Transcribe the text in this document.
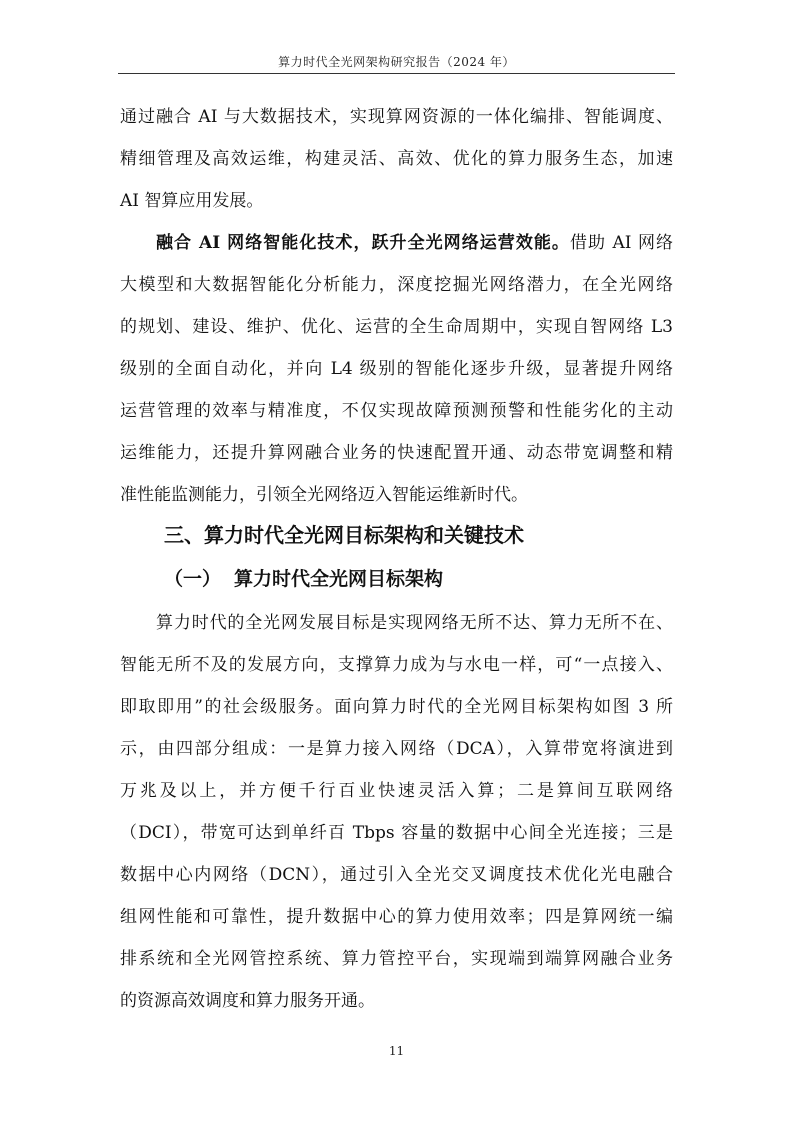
算力时代全光网架构研究报告（2024 年）
通过融合 AI 与大数据技术，实现算网资源的一体化编排、智能调度、
精细管理及高效运维，构建灵活、高效、优化的算力服务生态，加速
AI 智算应用发展。
融合 AI 网络智能化技术，跃升全光网络运营效能。借助 AI 网络
大模型和大数据智能化分析能力，深度挖掘光网络潜力，在全光网络
的规划、建设、维护、优化、运营的全生命周期中，实现自智网络 L3
级别的全面自动化，并向 L4 级别的智能化逐步升级，显著提升网络
运营管理的效率与精准度，不仅实现故障预测预警和性能劣化的主动
运维能力，还提升算网融合业务的快速配置开通、动态带宽调整和精
准性能监测能力，引领全光网络迈入智能运维新时代。
三、算力时代全光网目标架构和关键技术
（一） 算力时代全光网目标架构
算力时代的全光网发展目标是实现网络无所不达、算力无所不在、
智能无所不及的发展方向，支撑算力成为与水电一样，可“一点接入、
即取即用”的社会级服务。面向算力时代的全光网目标架构如图 3 所
示，由四部分组成：一是算力接入网络（DCA），入算带宽将演进到
万兆及以上，并方便千行百业快速灵活入算；二是算间互联网络
（DCI），带宽可达到单纤百 Tbps 容量的数据中心间全光连接；三是
数据中心内网络（DCN），通过引入全光交叉调度技术优化光电融合
组网性能和可靠性，提升数据中心的算力使用效率；四是算网统一编
排系统和全光网管控系统、算力管控平台，实现端到端算网融合业务
的资源高效调度和算力服务开通。
11
